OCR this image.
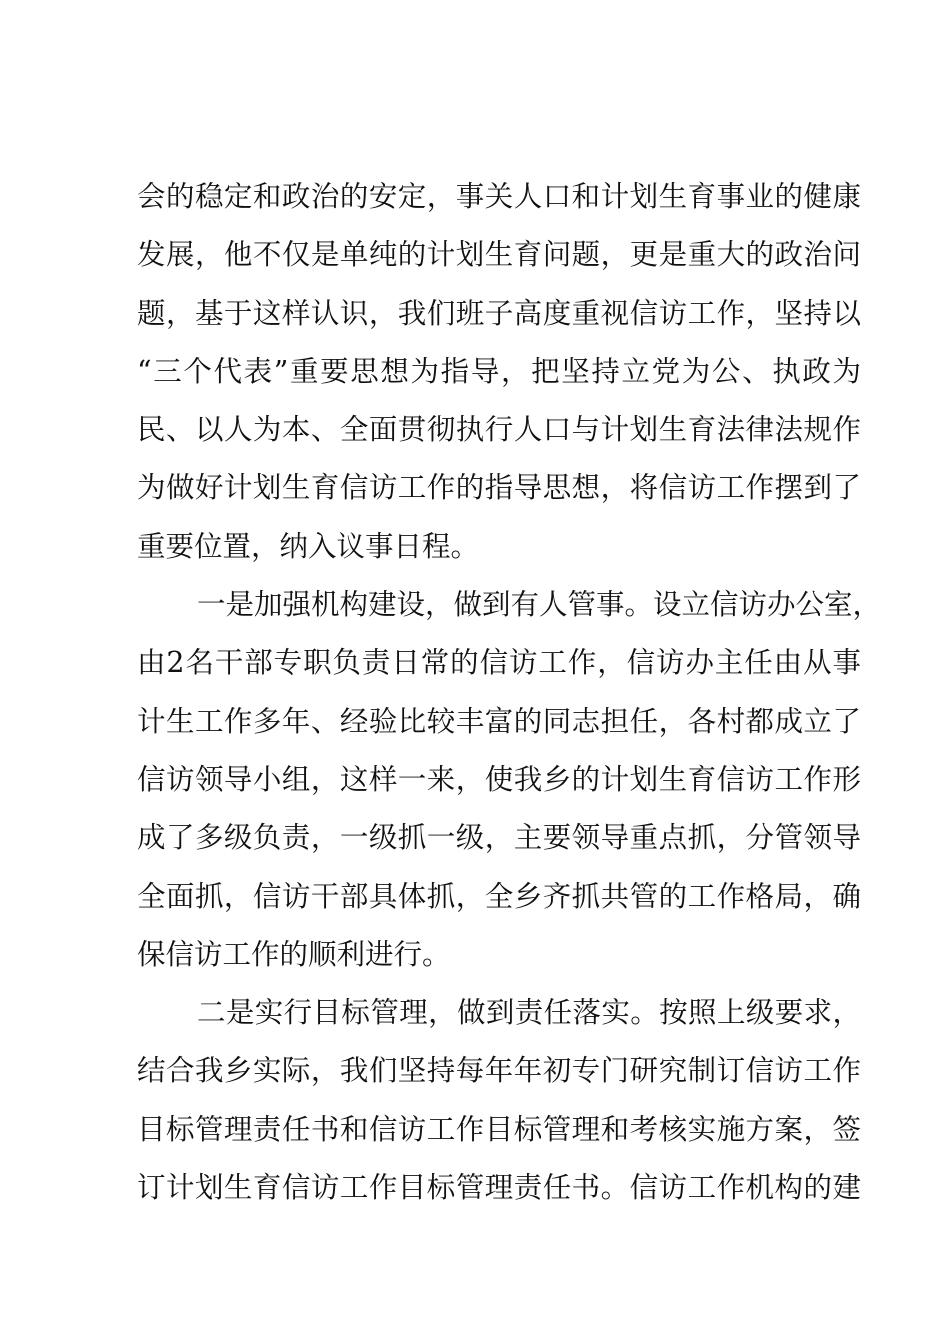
会的稳定和政治的安定，事关人口和计划生育事业的健康
发展，他不仅是单纯的计划生育问题，更是重大的政治问
题，基于这样认识，我们班子高度重视信访工作，坚持以
“三个代表”重要思想为指导，把坚持立党为公、执政为
民、以人为本、全面贯彻执行人口与计划生育法律法规作
为做好计划生育信访工作的指导思想，将信访工作摆到了
重要位置，纳入议事日程。
一是加强机构建设，做到有人管事。设立信访办公室，
由2名干部专职负责日常的信访工作，信访办主任由从事
计生工作多年、经验比较丰富的同志担任，各村都成立了
信访领导小组，这样一来，使我乡的计划生育信访工作形
成了多级负责，一级抓一级，主要领导重点抓，分管领导
全面抓，信访干部具体抓，全乡齐抓共管的工作格局，确
保信访工作的顺利进行。
二是实行目标管理，做到责任落实。按照上级要求，
结合我乡实际，我们坚持每年年初专门研究制订信访工作
目标管理责任书和信访工作目标管理和考核实施方案，签
订计划生育信访工作目标管理责任书。信访工作机构的建
